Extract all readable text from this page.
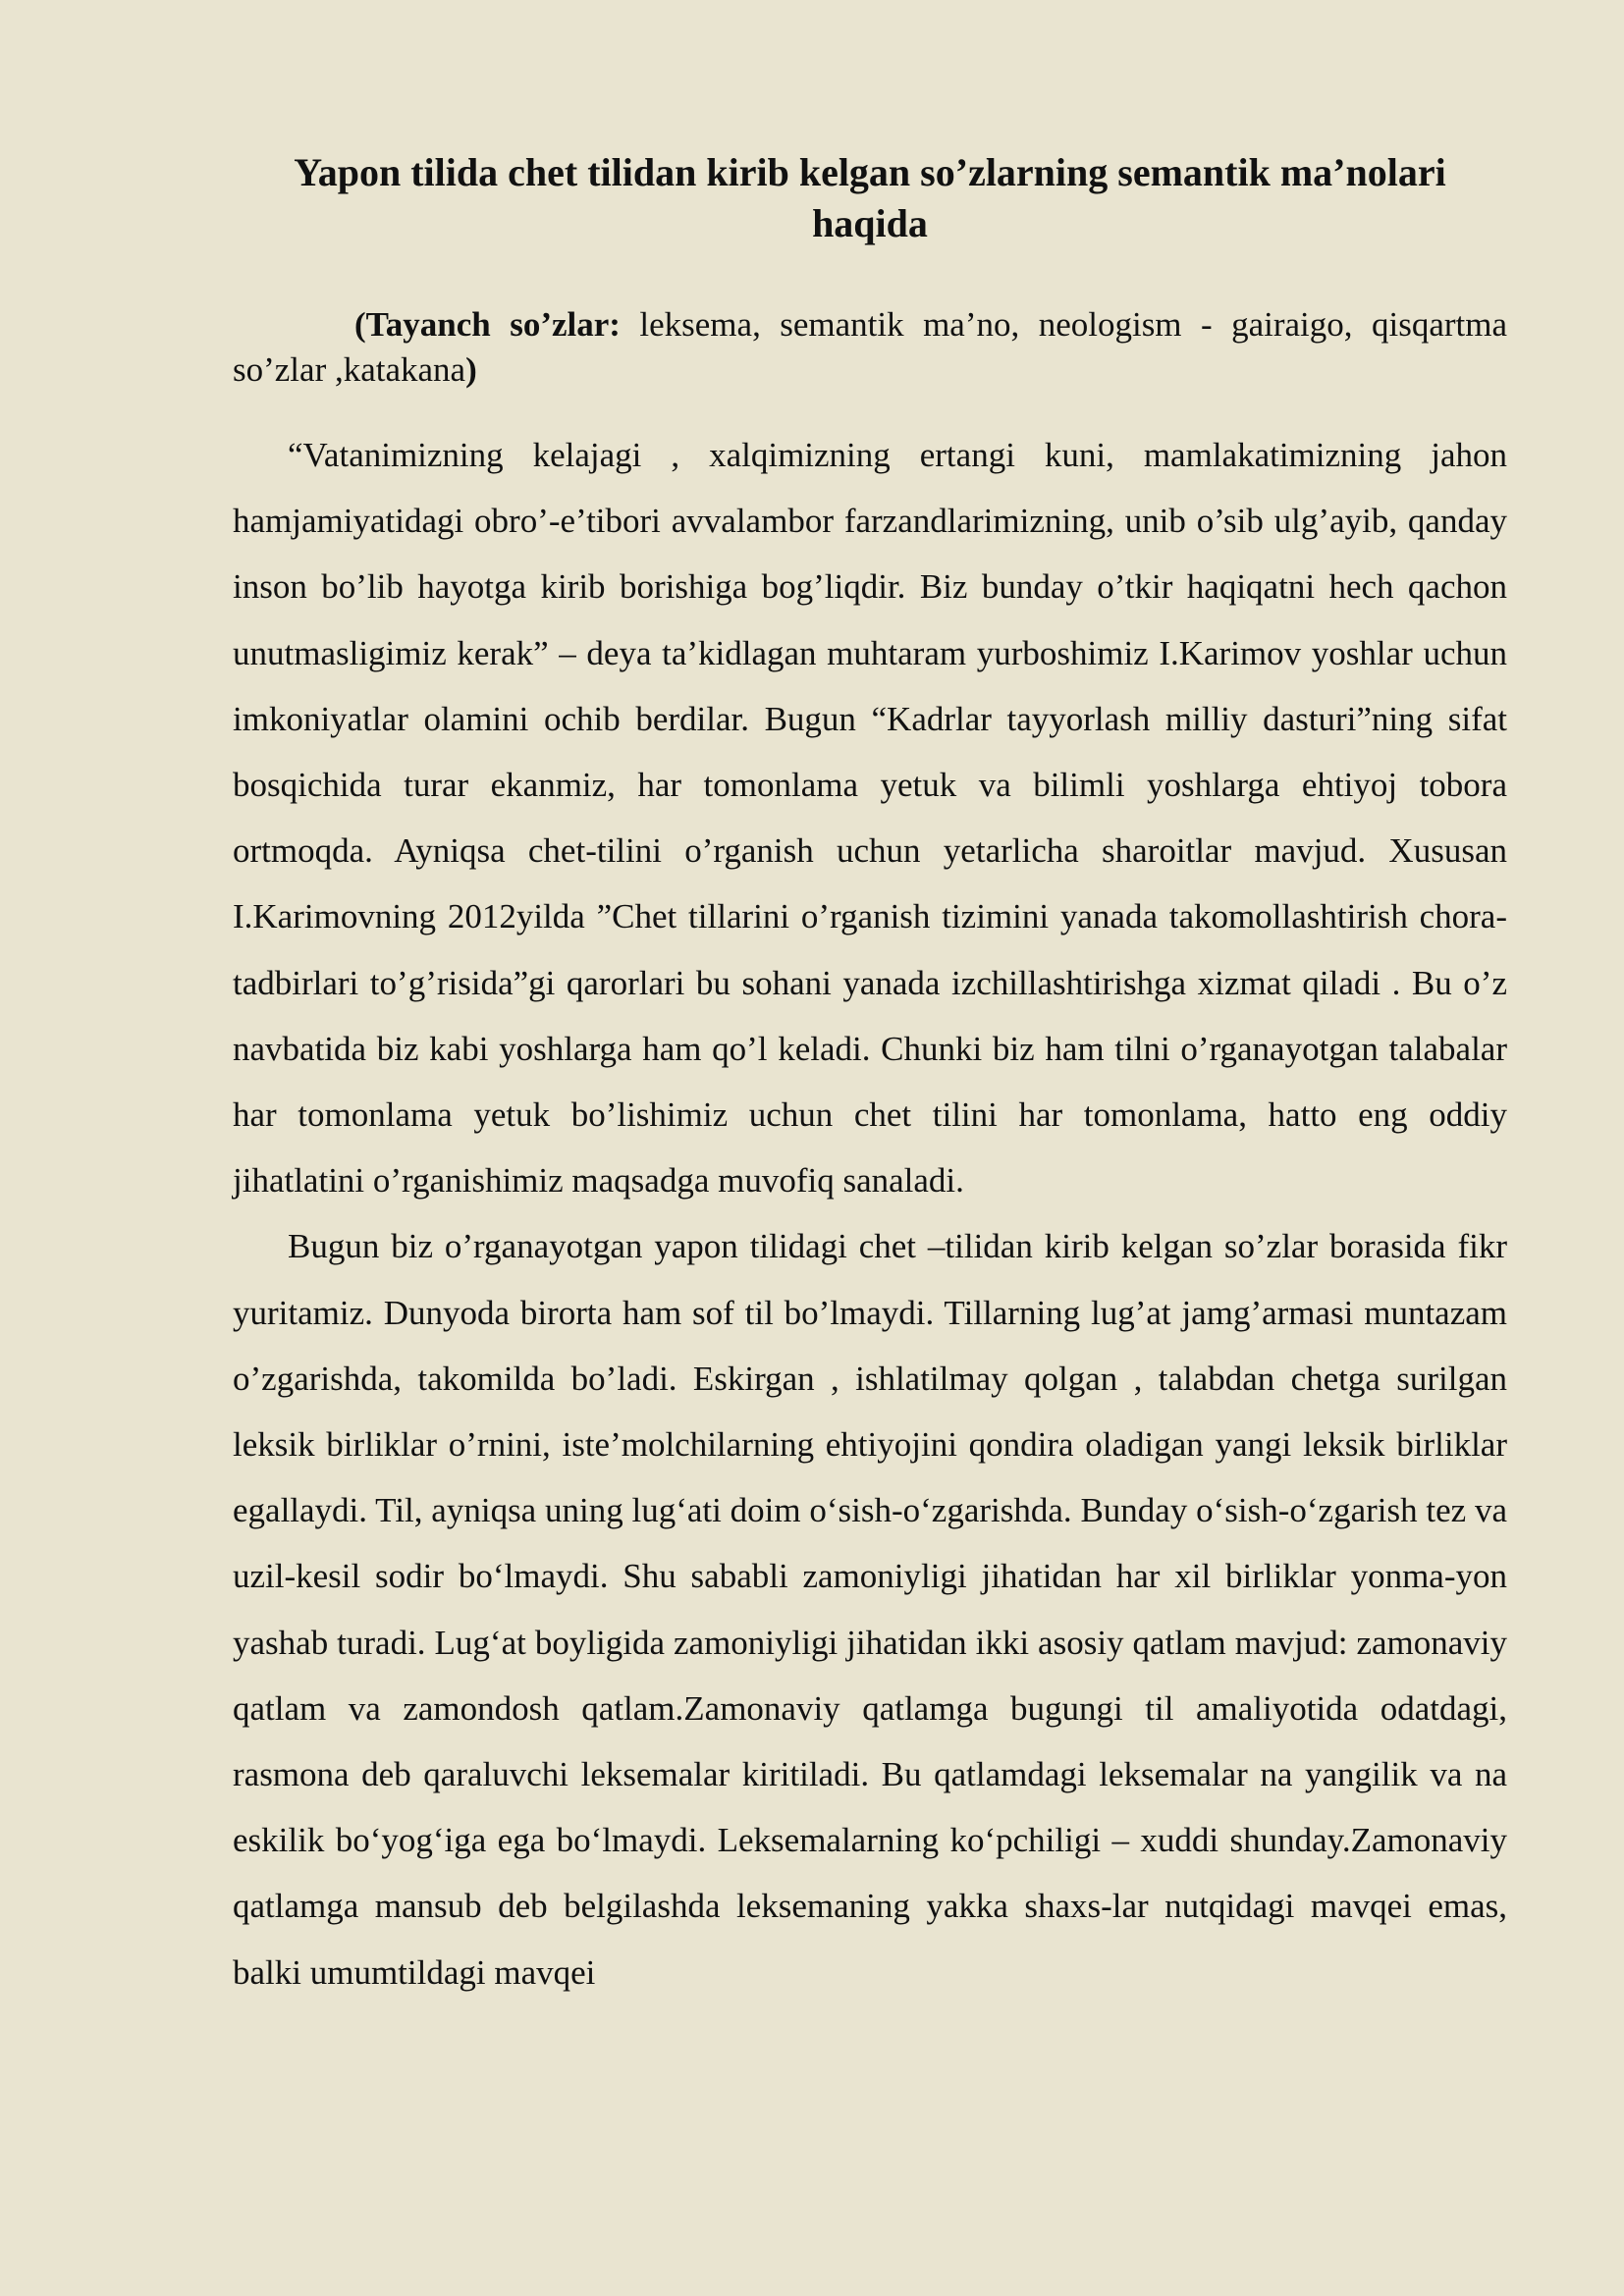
Yapon tilida chet tilidan kirib kelgan so’zlarning semantik ma’nolari haqida
(Tayanch so’zlar: leksema, semantik ma’no, neologism - gairaigo, qisqartma so’zlar ,katakana)

“Vatanimizning kelajagi , xalqimizning ertangi kuni, mamlakatimizning jahon hamjamiyatidagi obro’-e’tibori avvalambor farzandlarimizning, unib o’sib ulg’ayib, qanday inson bo’lib hayotga kirib borishiga bog’liqdir. Biz bunday o’tkir haqiqatni hech qachon unutmasligimiz kerak” – deya ta’kidlagan muhtaram yurboshimiz I.Karimov yoshlar uchun imkoniyatlar olamini ochib berdilar. Bugun “Kadrlar tayyorlash milliy dasturi”ning sifat bosqichida turar ekanmiz, har tomonlama yetuk va bilimli yoshlarga ehtiyoj tobora ortmoqda. Ayniqsa chet-tilini o’rganish uchun yetarlicha sharoitlar mavjud. Xususan I.Karimovning 2012yilda ”Chet tillarini o’rganish tizimini yanada takomollashtirish chora-tadbirlari to’g’risida”gi qarorlari bu sohani yanada izchillashtirishga xizmat qiladi . Bu o’z navbatida biz kabi yoshlarga ham qo’l keladi. Chunki biz ham tilni o’rganayotgan talabalar har tomonlama yetuk bo’lishimiz uchun chet tilini har tomonlama, hatto eng oddiy jihatlatini o’rganishimiz maqsadga muvofiq sanaladi.

Bugun biz o’rganayotgan yapon tilidagi chet –tilidan kirib kelgan so’zlar borasida fikr yuritamiz. Dunyoda birorta ham sof til bo’lmaydi. Tillarning lug’at jamg’armasi muntazam o’zgarishda, takomilda bo’ladi. Eskirgan , ishlatilmay qolgan , talabdan chetga surilgan leksik birliklar o’rnini, iste’molchilarning ehtiyojini qondira oladigan yangi leksik birliklar egallaydi. Til, ayniqsa uning lug‘ati doim o‘sish-o‘zgarishda. Bunday o‘sish-o‘zgarish tez va uzil-kesil sodir bo‘lmaydi. Shu sababli zamoniyligi jihatidan har xil birliklar yonma-yon yashab turadi. Lug‘at boyligida zamoniyligi jihatidan ikki asosiy qatlam mavjud: zamonaviy qatlam va zamondosh qatlam.Zamonaviy qatlamga bugungi til amaliyotida odatdagi, rasmona deb qaraluvchi leksemalar kiritiladi. Bu qatlamdagi leksemalar na yangilik va na eskilik bo‘yog‘iga ega bo‘lmaydi. Leksemalarning ko‘pchiligi – xuddi shunday.Zamonaviy qatlamga mansub deb belgilashda leksemaning yakka shaxs-lar nutqidagi mavqei emas, balki umumtildagi mavqei
